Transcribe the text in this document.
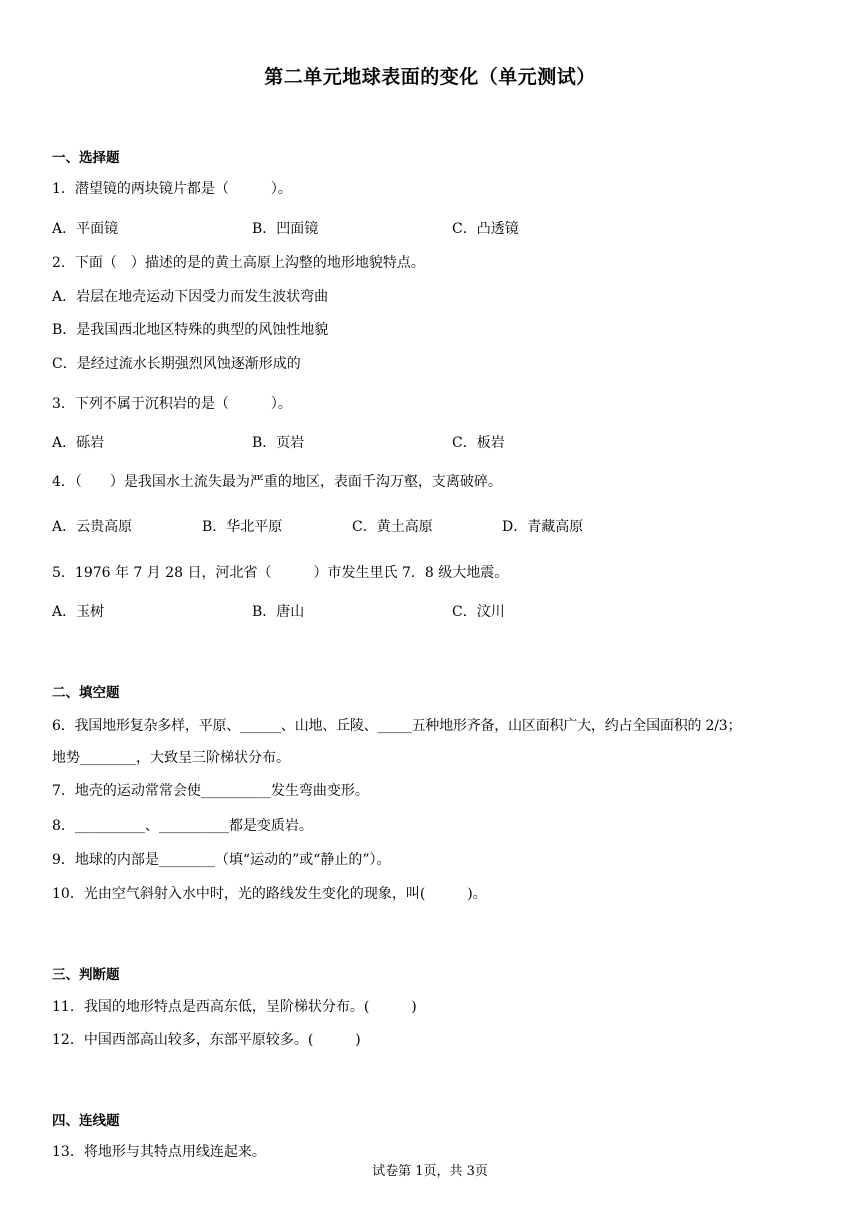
第二单元地球表面的变化（单元测试）
一、选择题
1．潜望镜的两块镜片都是（　　　）。
A．平面镜	B．凹面镜	C．凸透镜
2．下面（　）描述的是的黄土高原上沟整的地形地貌特点。
A．岩层在地壳运动下因受力而发生波状弯曲
B．是我国西北地区特殊的典型的风蚀性地貌
C．是经过流水长期强烈风蚀逐渐形成的
3．下列不属于沉积岩的是（　　　）。
A．砾岩	B．页岩	C．板岩
4．（　　）是我国水土流失最为严重的地区，表面千沟万壑，支离破碎。
A．云贵高原	B．华北平原	C．黄土高原	D．青藏高原
5．1976 年 7 月 28 日，河北省（　　　）市发生里氏 7．8 级大地震。
A．玉树	B．唐山	C．汶川
二、填空题
6．我国地形复杂多样，平原、______、山地、丘陵、_____五种地形齐备，山区面积广大，约占全国面积的 2/3；
地势________，大致呈三阶梯状分布。
7．地壳的运动常常会使__________发生弯曲变形。
8．__________、__________都是变质岩。
9．地球的内部是________（填“运动的”或“静止的”）。
10．光由空气斜射入水中时，光的路线发生变化的现象，叫(　　　)。
三、判断题
11．我国的地形特点是西高东低，呈阶梯状分布。(　　　)
12．中国西部高山较多，东部平原较多。(　　　)
四、连线题
13．将地形与其特点用线连起来。
试卷第 1页，共 3页
